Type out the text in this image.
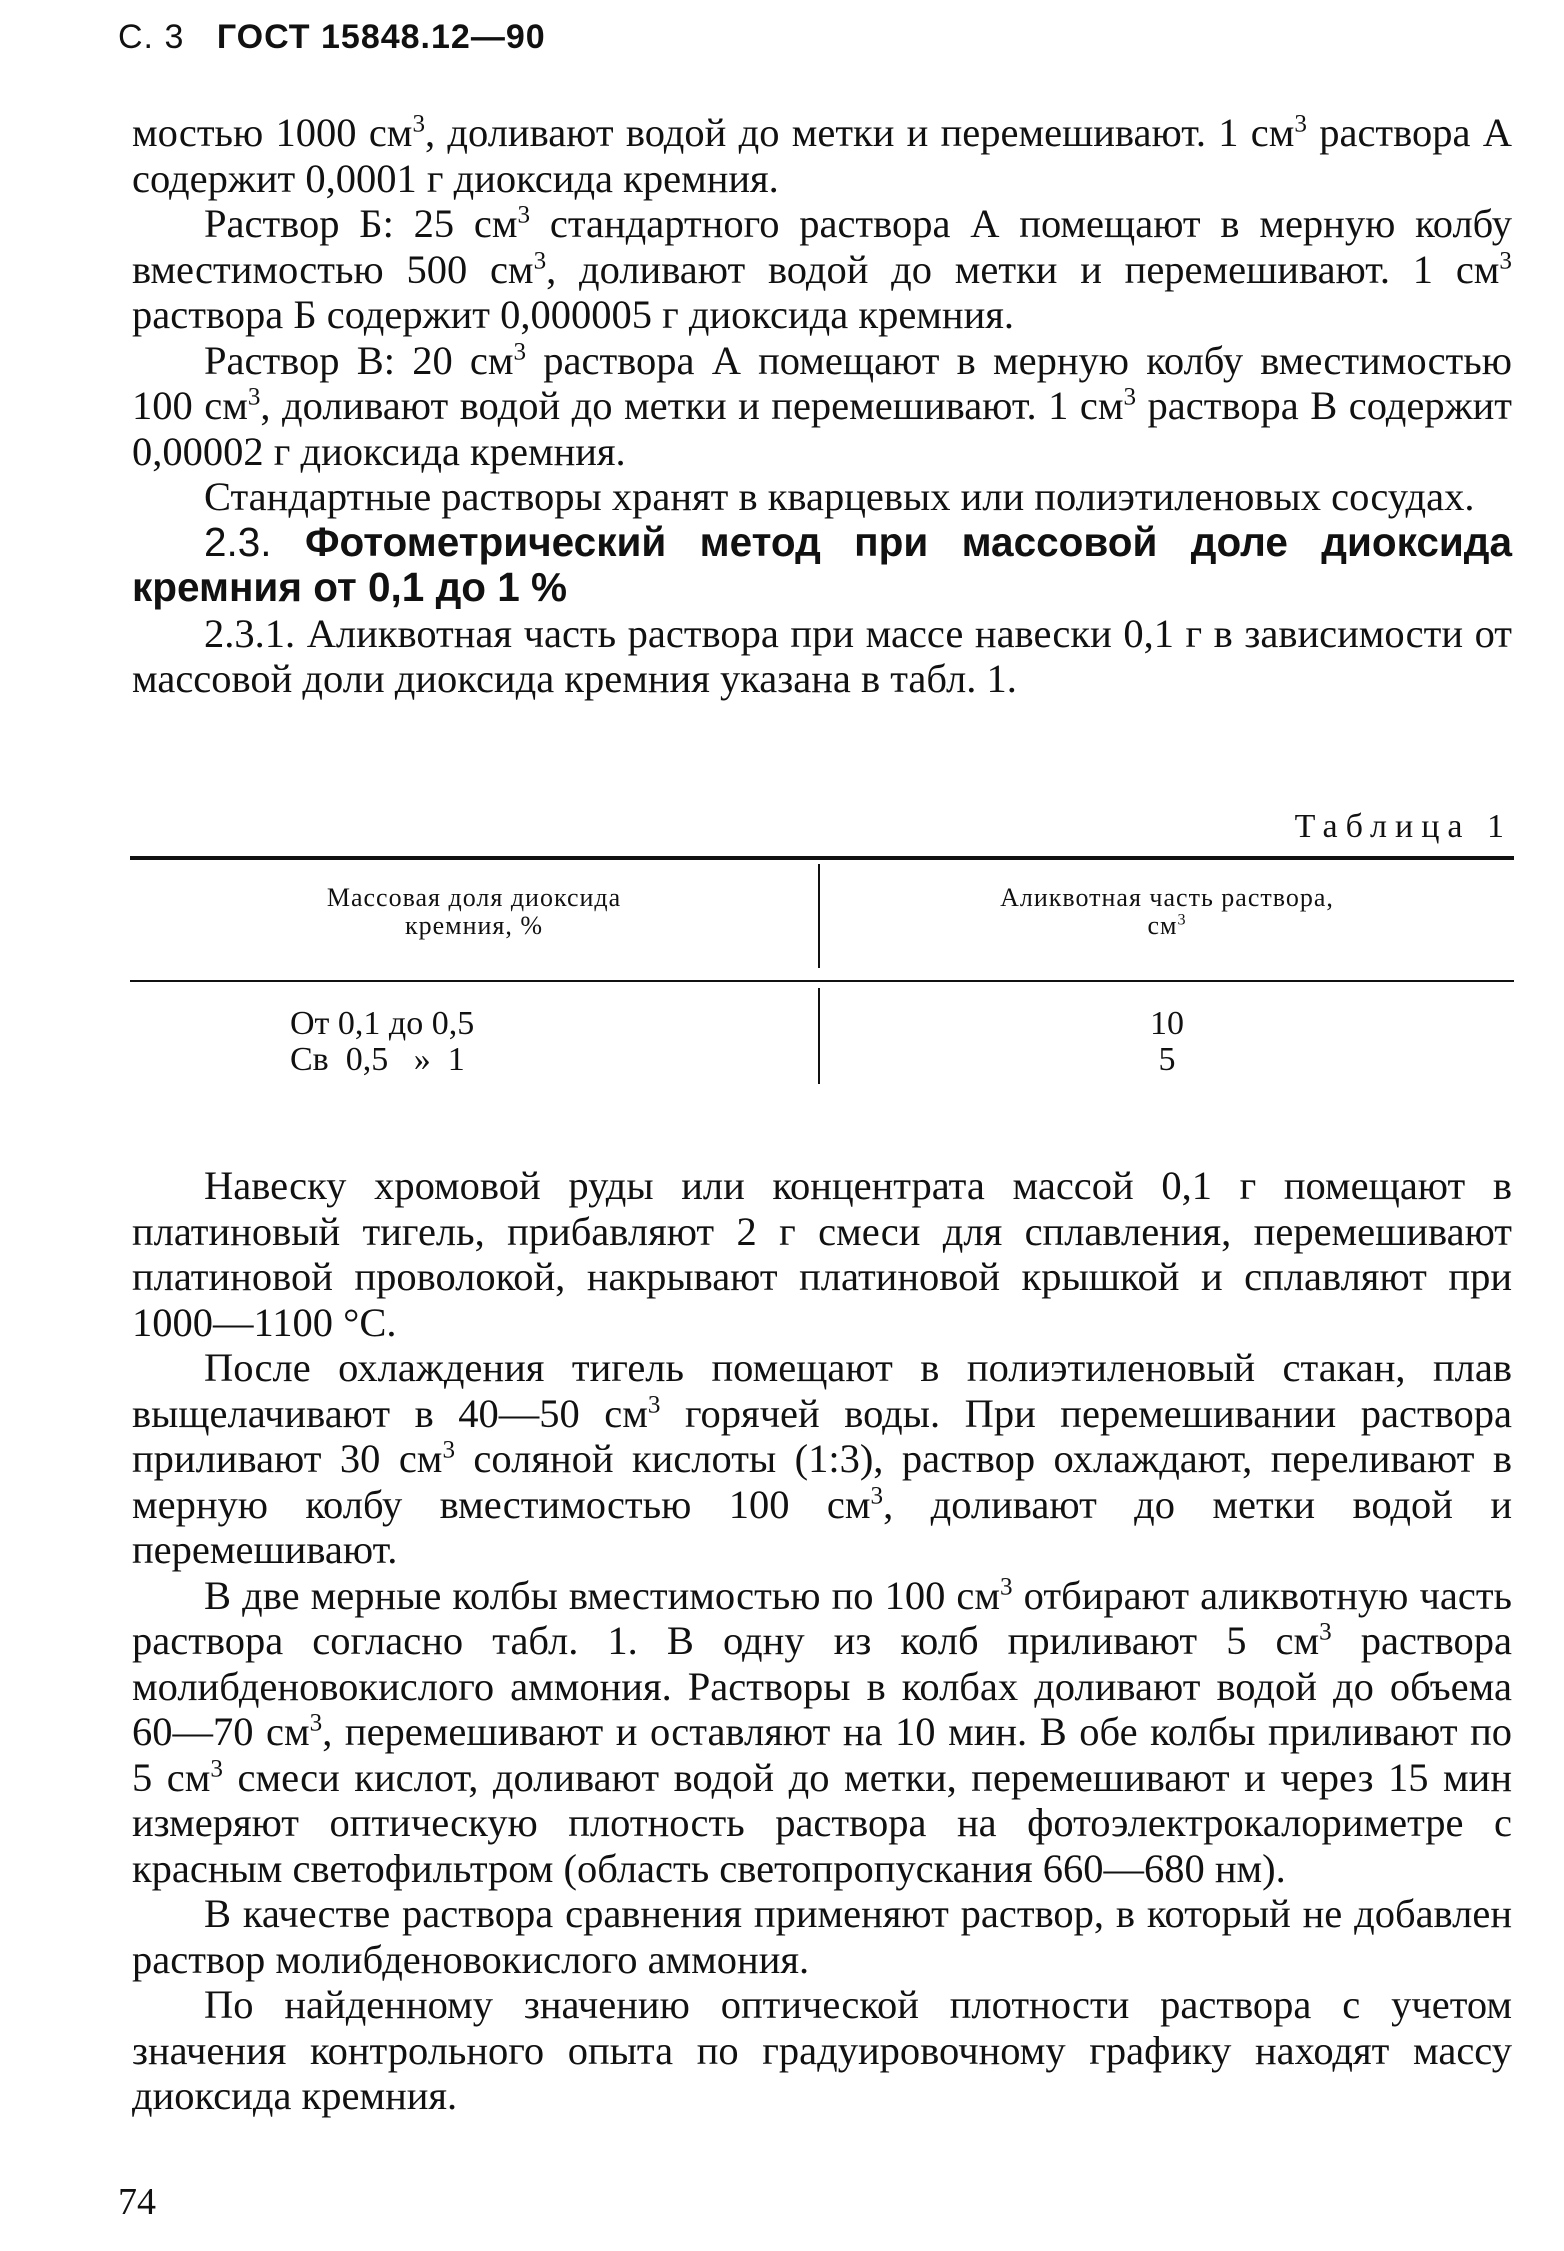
С. 3 ГОСТ 15848.12—90

мостью 1000 $см^3$, доливают водой до метки и перемешивают. 1 $см^3$ раствора А содержит 0,0001 г диоксида кремния.

Раствор Б: 25 $см^3$ стандартного раствора А помещают в мерную колбу вместимостью 500 $см^3$, доливают водой до метки и перемешивают. 1 $см^3$ раствора Б содержит 0,000005 г диоксида кремния.

Раствор В: 20 $см^3$ раствора А помещают в мерную колбу вместимостью 100 $см^3$, доливают водой до метки и перемешивают. 1 $см^3$ раствора В содержит 0,00002 г диоксида кремния.

Стандартные растворы хранят в кварцевых или полиэтиленовых сосудах.

2.3. Фотометрический метод при массовой доле диоксида кремния от 0,1 до 1 %

2.3.1. Аликвотная часть раствора при массе навески 0,1 г в зависимости от массовой доли диоксида кремния указана в табл. 1.

Таблица 1
Массовая доля диоксида
кремния, %
Аликвотная часть раствора,
$см^3$
От 0,1 до 0,5
Св  0,5   »  1
10
5

Навеску хромовой руды или концентрата массой 0,1 г помещают в платиновый тигель, прибавляют 2 г смеси для сплавления, перемешивают платиновой проволокой, накрывают платиновой крышкой и сплавляют при 1000—1100 °С.

После охлаждения тигель помещают в полиэтиленовый стакан, плав выщелачивают в 40—50 $см^3$ горячей воды. При перемешивании раствора приливают 30 $см^3$ соляной кислоты (1:3), раствор охлаждают, переливают в мерную колбу вместимостью 100 $см^3$, доливают до метки водой и перемешивают.

В две мерные колбы вместимостью по 100 $см^3$ отбирают аликвотную часть раствора согласно табл. 1. В одну из колб приливают 5 $см^3$ раствора молибденовокислого аммония. Растворы в колбах доливают водой до объема 60—70 $см^3$, перемешивают и оставляют на 10 мин. В обе колбы приливают по 5 $см^3$ смеси кислот, доливают водой до метки, перемешивают и через 15 мин измеряют оптическую плотность раствора на фотоэлектрокалориметре с красным светофильтром (область светопропускания 660—680 нм).

В качестве раствора сравнения применяют раствор, в который не добавлен раствор молибденовокислого аммония.

По найденному значению оптической плотности раствора с учетом значения контрольного опыта по градуировочному графику находят массу диоксида кремния.

74
